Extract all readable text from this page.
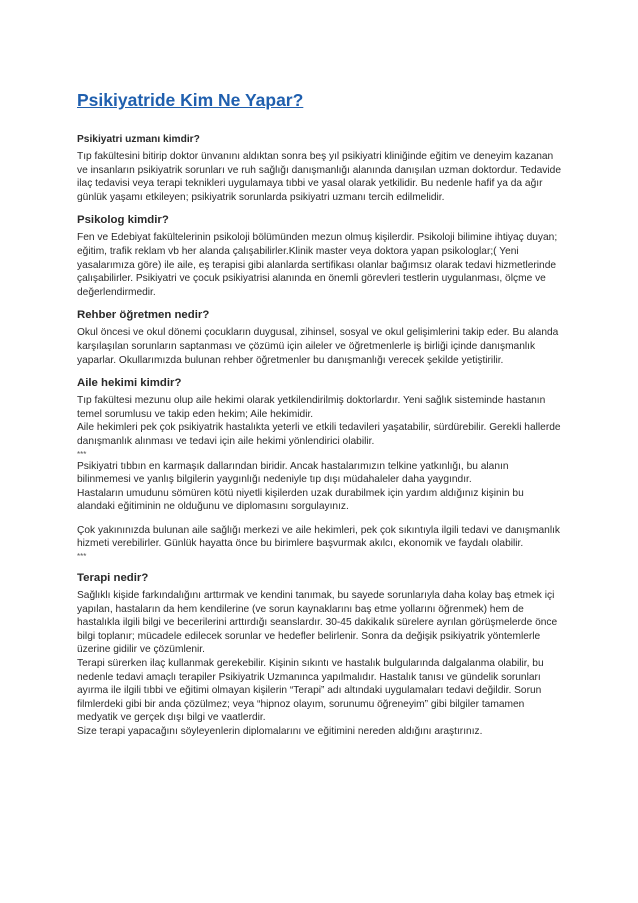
Psikiyatride Kim Ne Yapar?
Psikiyatri uzmanı kimdir?

Tıp fakültesini bitirip doktor ünvanını aldıktan sonra beş yıl psikiyatri kliniğinde eğitim ve deneyim kazanan ve insanların psikiyatrik sorunları ve ruh sağlığı danışmanlığı alanında danışılan uzman doktordur. Tedavide ilaç tedavisi veya terapi teknikleri uygulamaya tıbbi ve yasal olarak yetkilidir. Bu nedenle hafif ya da ağır günlük yaşamı etkileyen; psikiyatrik sorunlarda psikiyatri uzmanı tercih edilmelidir.

Psikolog kimdir?

Fen ve Edebiyat fakültelerinin psikoloji bölümünden mezun olmuş kişilerdir. Psikoloji bilimine ihtiyaç duyan; eğitim, trafik reklam vb her alanda çalışabilirler.Klinik master veya doktora yapan psikologlar;( Yeni yasalarımıza göre) ile aile, eş terapisi gibi alanlarda sertifikası olanlar bağımsız olarak tedavi hizmetlerinde çalışabilirler. Psikiyatri ve çocuk psikiyatrisi alanında en önemli görevleri testlerin uygulanması, ölçme ve değerlendirmedir.

Rehber öğretmen nedir?

Okul öncesi ve okul dönemi çocukların duygusal, zihinsel, sosyal ve okul gelişimlerini takip eder. Bu alanda karşılaşılan sorunların saptanması ve çözümü için aileler ve öğretmenlerle iş birliği içinde danışmanlık yaparlar. Okullarımızda bulunan rehber öğretmenler bu danışmanlığı verecek şekilde yetiştirilir.

Aile hekimi kimdir?

Tıp fakültesi mezunu olup aile hekimi olarak yetkilendirilmiş doktorlardır. Yeni sağlık sisteminde hastanın temel sorumlusu ve takip eden hekim; Aile hekimidir.

Aile hekimleri pek çok psikiyatrik hastalıkta yeterli ve etkili tedavileri yaşatabilir, sürdürebilir. Gerekli hallerde danışmanlık alınması ve tedavi için aile hekimi yönlendirici olabilir.

***

Psikiyatri tıbbın en karmaşık dallarından biridir. Ancak hastalarımızın telkine yatkınlığı, bu alanın bilinmemesi ve yanlış bilgilerin yaygınlığı nedeniyle tıp dışı müdahaleler daha yaygındır.

Hastaların umudunu sömüren kötü niyetli kişilerden uzak durabilmek için yardım aldığınız kişinin bu alandaki eğitiminin ne olduğunu ve diplomasını sorgulayınız.

Çok yakınınızda bulunan aile sağlığı merkezi ve aile hekimleri, pek çok sıkıntıyla ilgili tedavi ve danışmanlık hizmeti verebilirler. Günlük hayatta önce bu birimlere başvurmak akılcı, ekonomik ve faydalı olabilir.

***

Terapi nedir?

Sağlıklı kişide farkındalığını arttırmak ve kendini tanımak, bu sayede sorunlarıyla daha kolay baş etmek içi yapılan, hastaların da hem kendilerine (ve sorun kaynaklarını baş etme yollarını öğrenmek) hem de hastalıkla ilgili bilgi ve becerilerini arttırdığı seanslardır. 30-45 dakikalık sürelere ayrılan görüşmelerde önce bilgi toplanır; mücadele edilecek sorunlar ve hedefler belirlenir. Sonra da değişik psikiyatrik yöntemlerle üzerine gidilir ve çözümlenir.

Terapi sürerken ilaç kullanmak gerekebilir. Kişinin sıkıntı ve hastalık bulgularında dalgalanma olabilir, bu nedenle tedavi amaçlı terapiler Psikiyatrik Uzmanınca yapılmalıdır. Hastalık tanısı ve gündelik sorunları ayırma ile ilgili tıbbi ve eğitimi olmayan kişilerin “Terapi” adı altındaki uygulamaları tedavi değildir. Sorun filmlerdeki gibi bir anda çözülmez; veya “hipnoz olayım, sorunumu öğreneyim” gibi bilgiler tamamen medyatik ve gerçek dışı bilgi ve vaatlerdir.

Size terapi yapacağını söyleyenlerin diplomalarını ve eğitimini nereden aldığını araştırınız.
